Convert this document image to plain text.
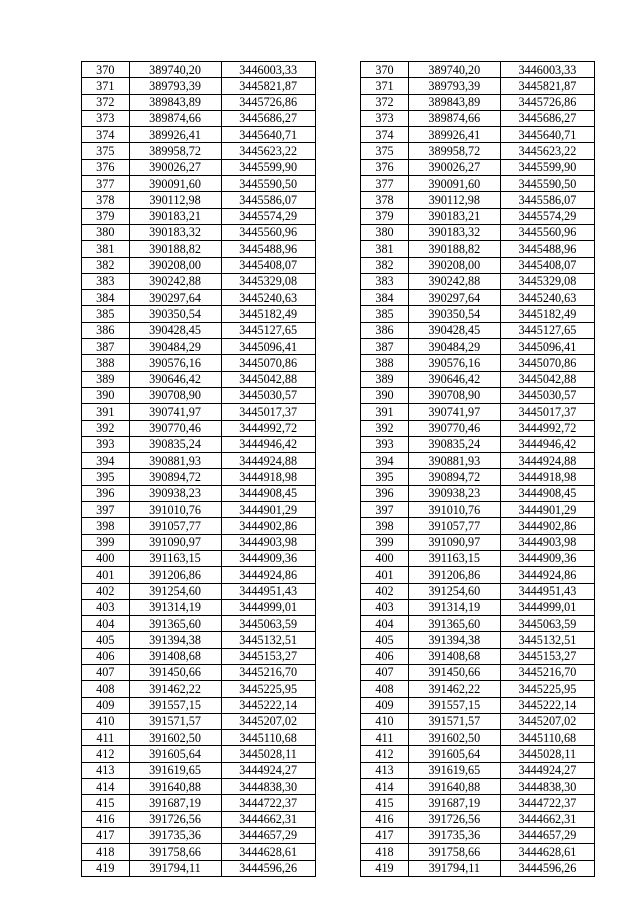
370	389740,20	3446003,33		370	389740,20	3446003,33
371	389793,39	3445821,87		371	389793,39	3445821,87
372	389843,89	3445726,86		372	389843,89	3445726,86
373	389874,66	3445686,27		373	389874,66	3445686,27
374	389926,41	3445640,71		374	389926,41	3445640,71
375	389958,72	3445623,22		375	389958,72	3445623,22
376	390026,27	3445599,90		376	390026,27	3445599,90
377	390091,60	3445590,50		377	390091,60	3445590,50
378	390112,98	3445586,07		378	390112,98	3445586,07
379	390183,21	3445574,29		379	390183,21	3445574,29
380	390183,32	3445560,96		380	390183,32	3445560,96
381	390188,82	3445488,96		381	390188,82	3445488,96
382	390208,00	3445408,07		382	390208,00	3445408,07
383	390242,88	3445329,08		383	390242,88	3445329,08
384	390297,64	3445240,63		384	390297,64	3445240,63
385	390350,54	3445182,49		385	390350,54	3445182,49
386	390428,45	3445127,65		386	390428,45	3445127,65
387	390484,29	3445096,41		387	390484,29	3445096,41
388	390576,16	3445070,86		388	390576,16	3445070,86
389	390646,42	3445042,88		389	390646,42	3445042,88
390	390708,90	3445030,57		390	390708,90	3445030,57
391	390741,97	3445017,37		391	390741,97	3445017,37
392	390770,46	3444992,72		392	390770,46	3444992,72
393	390835,24	3444946,42		393	390835,24	3444946,42
394	390881,93	3444924,88		394	390881,93	3444924,88
395	390894,72	3444918,98		395	390894,72	3444918,98
396	390938,23	3444908,45		396	390938,23	3444908,45
397	391010,76	3444901,29		397	391010,76	3444901,29
398	391057,77	3444902,86		398	391057,77	3444902,86
399	391090,97	3444903,98		399	391090,97	3444903,98
400	391163,15	3444909,36		400	391163,15	3444909,36
401	391206,86	3444924,86		401	391206,86	3444924,86
402	391254,60	3444951,43		402	391254,60	3444951,43
403	391314,19	3444999,01		403	391314,19	3444999,01
404	391365,60	3445063,59		404	391365,60	3445063,59
405	391394,38	3445132,51		405	391394,38	3445132,51
406	391408,68	3445153,27		406	391408,68	3445153,27
407	391450,66	3445216,70		407	391450,66	3445216,70
408	391462,22	3445225,95		408	391462,22	3445225,95
409	391557,15	3445222,14		409	391557,15	3445222,14
410	391571,57	3445207,02		410	391571,57	3445207,02
411	391602,50	3445110,68		411	391602,50	3445110,68
412	391605,64	3445028,11		412	391605,64	3445028,11
413	391619,65	3444924,27		413	391619,65	3444924,27
414	391640,88	3444838,30		414	391640,88	3444838,30
415	391687,19	3444722,37		415	391687,19	3444722,37
416	391726,56	3444662,31		416	391726,56	3444662,31
417	391735,36	3444657,29		417	391735,36	3444657,29
418	391758,66	3444628,61		418	391758,66	3444628,61
419	391794,11	3444596,26		419	391794,11	3444596,26
